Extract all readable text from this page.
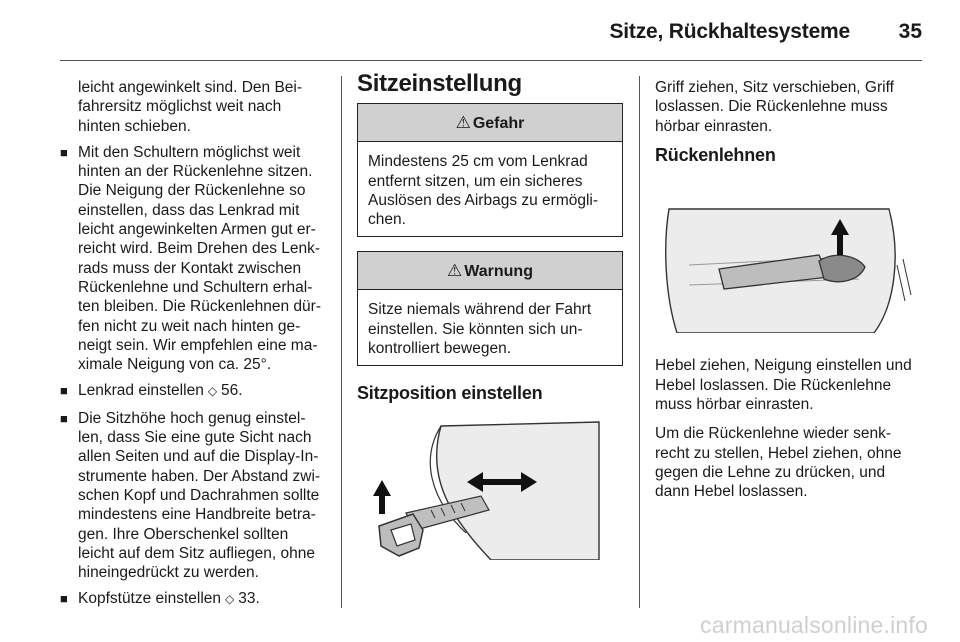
Sitze, Rückhaltesysteme	35

leicht angewinkelt sind. Den Bei-
fahrersitz möglichst weit nach
hinten schieben.

■ Mit den Schultern möglichst weit
hinten an der Rückenlehne sitzen.
Die Neigung der Rückenlehne so
einstellen, dass das Lenkrad mit
leicht angewinkelten Armen gut er-
reicht wird. Beim Drehen des Lenk-
rads muss der Kontakt zwischen
Rückenlehne und Schultern erhal-
ten bleiben. Die Rückenlehnen dür-
fen nicht zu weit nach hinten ge-
neigt sein. Wir empfehlen eine ma-
ximale Neigung von ca. 25°.
■ Lenkrad einstellen ◇ 56.
■ Die Sitzhöhe hoch genug einstel-
len, dass Sie eine gute Sicht nach
allen Seiten und auf die Display-In-
strumente haben. Der Abstand zwi-
schen Kopf und Dachrahmen sollte
mindestens eine Handbreite betra-
gen. Ihre Oberschenkel sollten
leicht auf dem Sitz aufliegen, ohne
hineingedrückt zu werden.
■ Kopfstütze einstellen ◇ 33.
Sitzeinstellung
⚠ Gefahr
Mindestens 25 cm vom Lenkrad
entfernt sitzen, um ein sicheres
Auslösen des Airbags zu ermögli-
chen.
⚠ Warnung
Sitze niemals während der Fahrt
einstellen. Sie könnten sich un-
kontrolliert bewegen.
Sitzposition einstellen

Griff ziehen, Sitz verschieben, Griff
loslassen. Die Rückenlehne muss
hörbar einrasten.

Rückenlehnen

Hebel ziehen, Neigung einstellen und
Hebel loslassen. Die Rückenlehne
muss hörbar einrasten.

Um die Rückenlehne wieder senk-
recht zu stellen, Hebel ziehen, ohne
gegen die Lehne zu drücken, und
dann Hebel loslassen.

carmanualsonline.info
